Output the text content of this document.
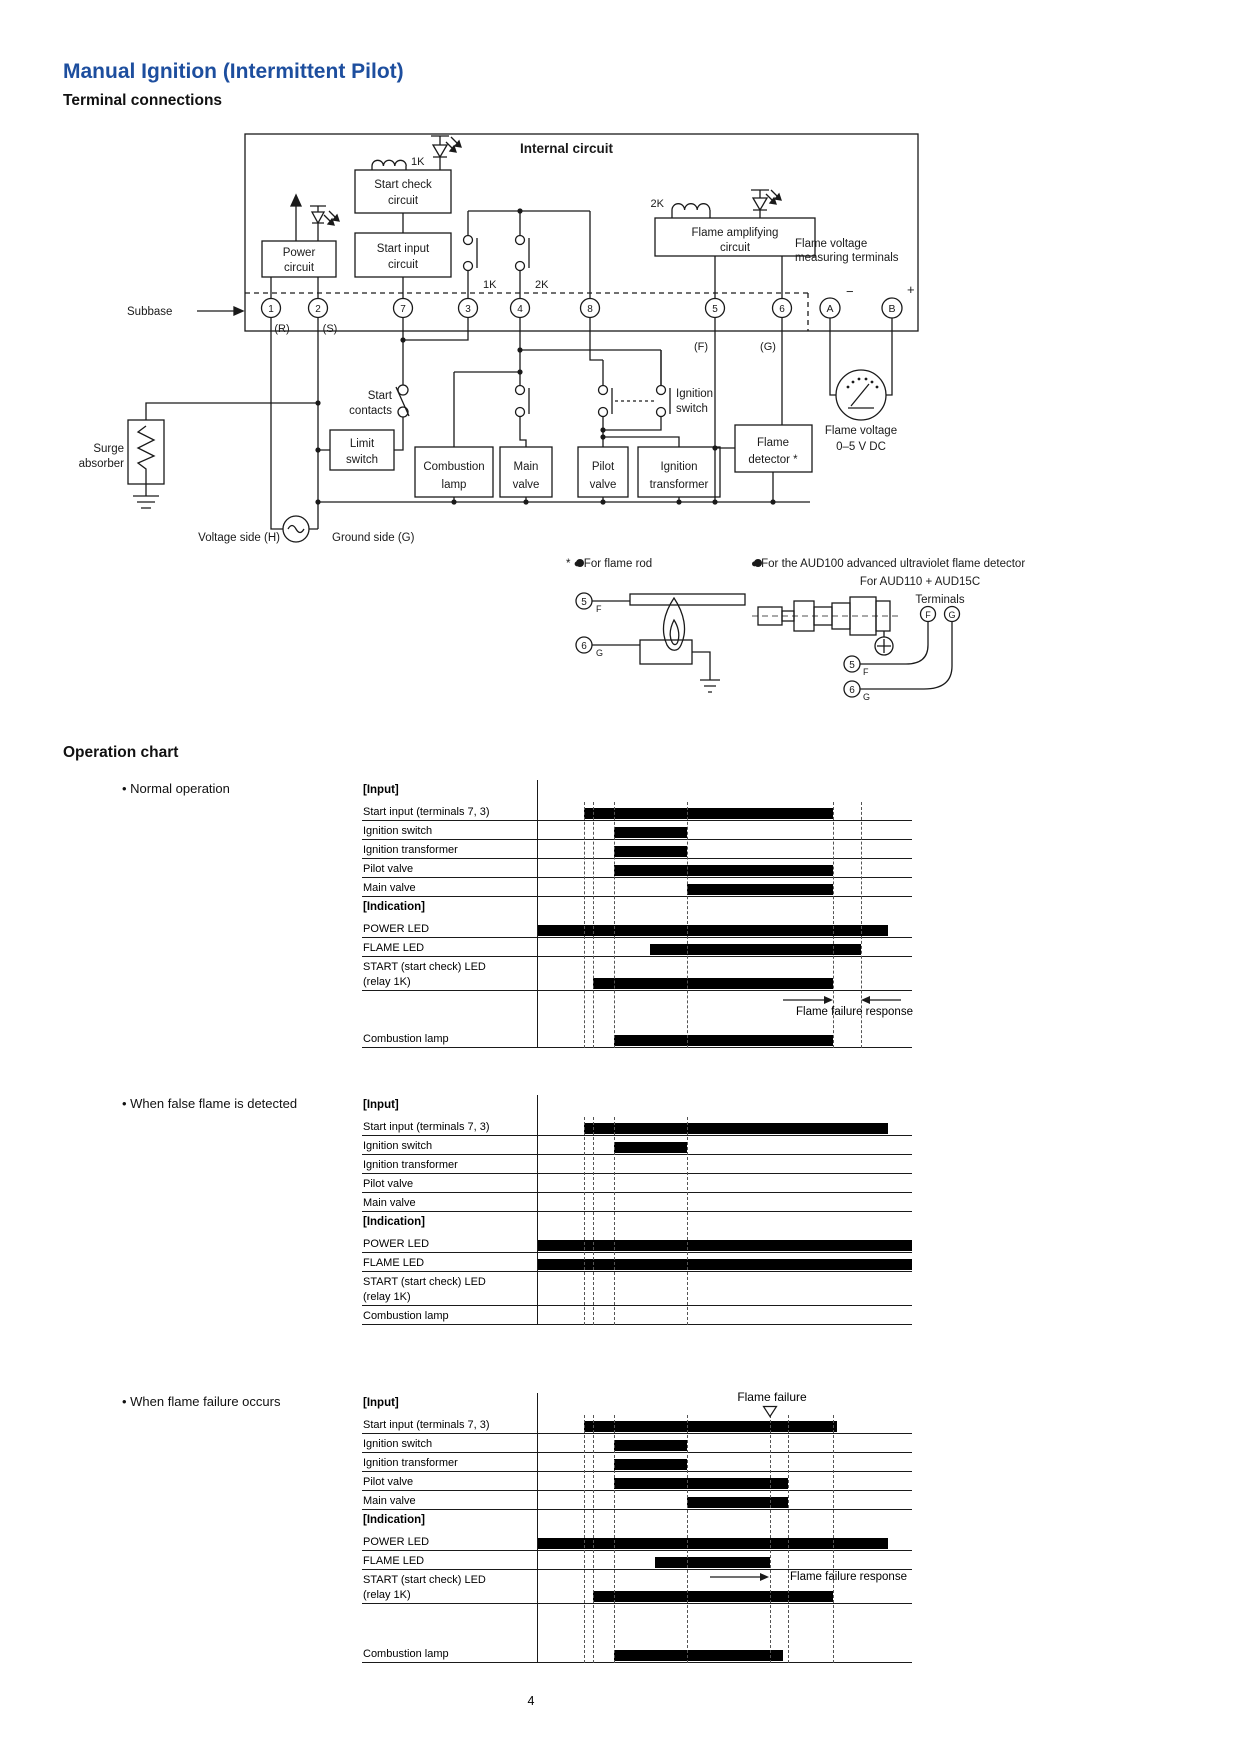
Manual Ignition (Intermittent Pilot)
Terminal connections
Internal circuit
Start check
circuit
Start input
circuit
Power
circuit
Flame amplifying
circuit
Limit
switch
Combustion
lamp
Main
valve
Pilot
valve
Ignition
transformer
Flame
detector *
Start
contacts
Ignition
switch
Surge
absorber
Voltage side (H)	Ground side (G)
Flame voltage
measuring terminals
Flame voltage
0–5 V DC
Subbase
1K
2K
1K	2K
1	2	7	3	4	8	5	6	A	B
(R)	(S)
(F)	(G)
−	+
* ● For flame rod	● For the AUD100 advanced ultraviolet flame detector
For AUD110 + AUD15C
Terminals
5
F
6
G
5
F
6
G
F G
Operation chart
• Normal operation
• When false flame is detected
• When flame failure occurs
[Input]
Start input (terminals 7, 3)
Ignition switch
Ignition transformer
Pilot valve
Main valve
[Indication]
POWER LED
FLAME LED
START (start check) LED
(relay 1K)
Combustion lamp
[Input]
Start input (terminals 7, 3)
Ignition switch
Ignition transformer
Pilot valve
Main valve
[Indication]
POWER LED
FLAME LED
START (start check) LED
(relay 1K)
Combustion lamp
[Input]
Start input (terminals 7, 3)
Ignition switch
Ignition transformer
Pilot valve
Main valve
[Indication]
POWER LED
FLAME LED
START (start check) LED
(relay 1K)
Combustion lamp
Flame failure response
Flame failure
Flame failure response
4
